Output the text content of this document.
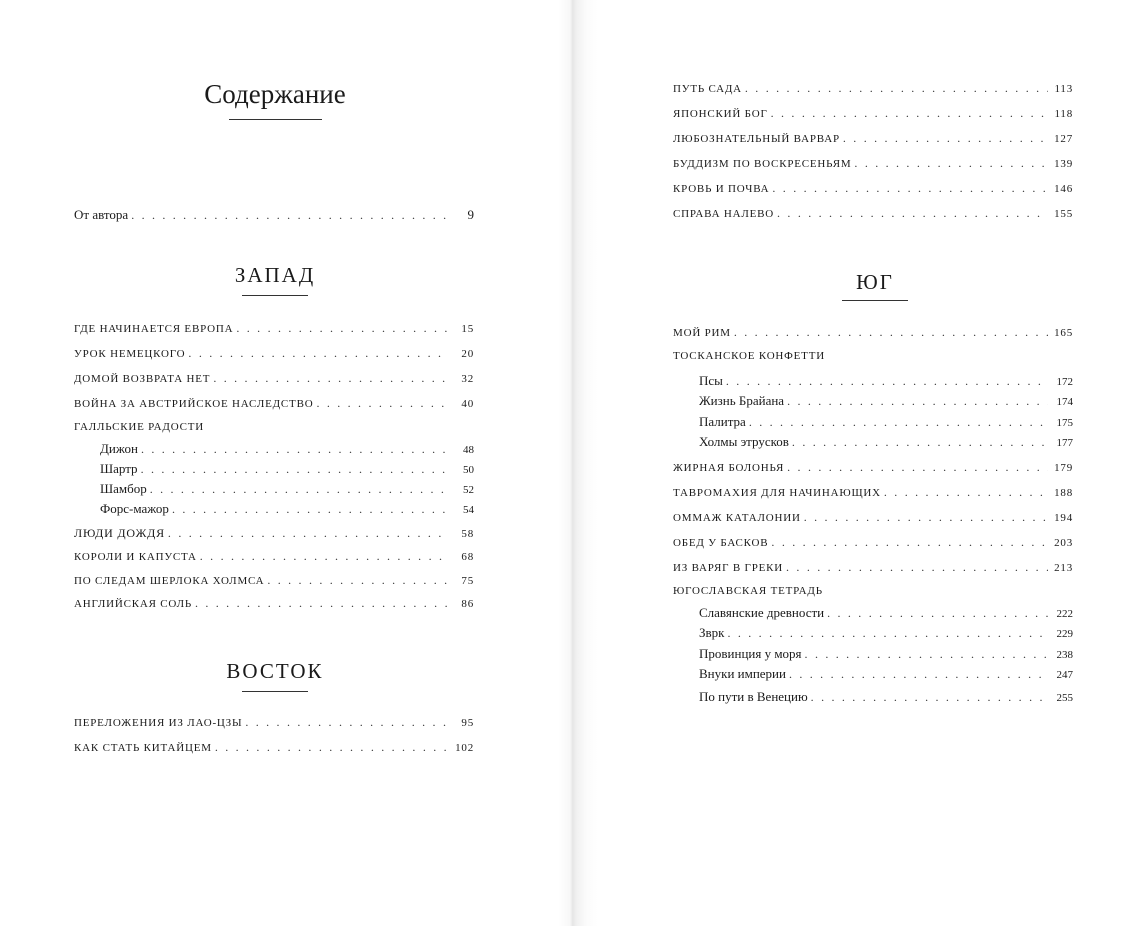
Содержание
От автора . . .	9
ЗАПАД
ГДЕ НАЧИНАЕТСЯ ЕВРОПА . . .	15
УРОК НЕМЕЦКОГО . . .	20
ДОМОЙ ВОЗВРАТА НЕТ . . .	32
ВОЙНА ЗА АВСТРИЙСКОЕ НАСЛЕДСТВО . . .	40
ГАЛЛЬСКИЕ РАДОСТИ
Дижон . . .	48
Шартр . . .	50
Шамбор . . .	52
Форс-мажор . . .	54
ЛЮДИ ДОЖДЯ . . .	58
КОРОЛИ И КАПУСТА . . .	68
ПО СЛЕДАМ ШЕРЛОКА ХОЛМСА . . .	75
АНГЛИЙСКАЯ СОЛЬ . . .	86
ВОСТОК
ПЕРЕЛОЖЕНИЯ ИЗ ЛАО-ЦЗЫ . . .	95
КАК СТАТЬ КИТАЙЦЕМ . . .	102
ПУТЬ САДА . . .	113
ЯПОНСКИЙ БОГ . . .	118
ЛЮБОЗНАТЕЛЬНЫЙ ВАРВАР . . .	127
БУДДИЗМ ПО ВОСКРЕСЕНЬЯМ . . .	139
КРОВЬ И ПОЧВА . . .	146
СПРАВА НАЛЕВО . . .	155
ЮГ
МОЙ РИМ . . .	165
ТОСКАНСКОЕ КОНФЕТТИ
Псы . . .	172
Жизнь Брайана . . .	174
Палитра . . .	175
Холмы этрусков . . .	177
ЖИРНАЯ БОЛОНЬЯ . . .	179
ТАВРОМАХИЯ ДЛЯ НАЧИНАЮЩИХ . . .	188
ОММАЖ КАТАЛОНИИ . . .	194
ОБЕД У БАСКОВ . . .	203
ИЗ ВАРЯГ В ГРЕКИ . . .	213
ЮГОСЛАВСКАЯ ТЕТРАДЬ
Славянские древности . . .	222
Зврк . . .	229
Провинция у моря . . .	238
Внуки империи . . .	247
По пути в Венецию . . .	255
